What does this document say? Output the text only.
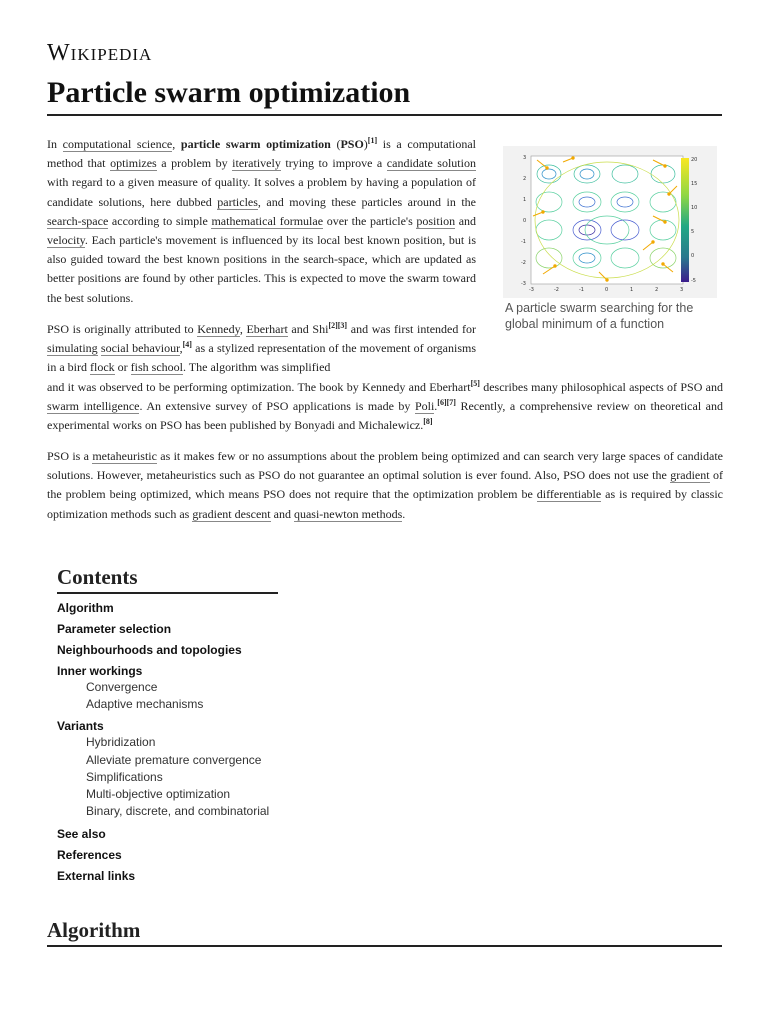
Wikipedia
Particle swarm optimization
20
15
10
5
0
-5
3
2
1
0
-1
-2
-3
-3	-2	-1	0	1	2	3
A particle swarm searching for the global minimum of a function

In computational science, particle swarm optimization (PSO)[1] is a computational method that optimizes a problem by iteratively trying to improve a candidate solution with regard to a given measure of quality. It solves a problem by having a population of candidate solutions, here dubbed particles, and moving these particles around in the search-space according to simple mathematical formulae over the particle's position and velocity. Each particle's movement is influenced by its local best known position, but is also guided toward the best known positions in the search-space, which are updated as better positions are found by other particles. This is expected to move the swarm toward the best solutions.

PSO is originally attributed to Kennedy, Eberhart and Shi[2][3] and was first intended for simulating social behaviour,[4] as a stylized representation of the movement of organisms in a bird flock or fish school. The algorithm was simplified

and it was observed to be performing optimization. The book by Kennedy and Eberhart[5] describes many philosophical aspects of PSO and swarm intelligence. An extensive survey of PSO applications is made by Poli.[6][7] Recently, a comprehensive review on theoretical and experimental works on PSO has been published by Bonyadi and Michalewicz.[8]

PSO is a metaheuristic as it makes few or no assumptions about the problem being optimized and can search very large spaces of candidate solutions. However, metaheuristics such as PSO do not guarantee an optimal solution is ever found. Also, PSO does not use the gradient of the problem being optimized, which means PSO does not require that the optimization problem be differentiable as is required by classic optimization methods such as gradient descent and quasi-newton methods.

Contents
Algorithm
Parameter selection
Neighbourhoods and topologies
Inner workings
Convergence
Adaptive mechanisms
Variants
Hybridization
Alleviate premature convergence
Simplifications
Multi-objective optimization
Binary, discrete, and combinatorial
See also
References
External links
Algorithm
